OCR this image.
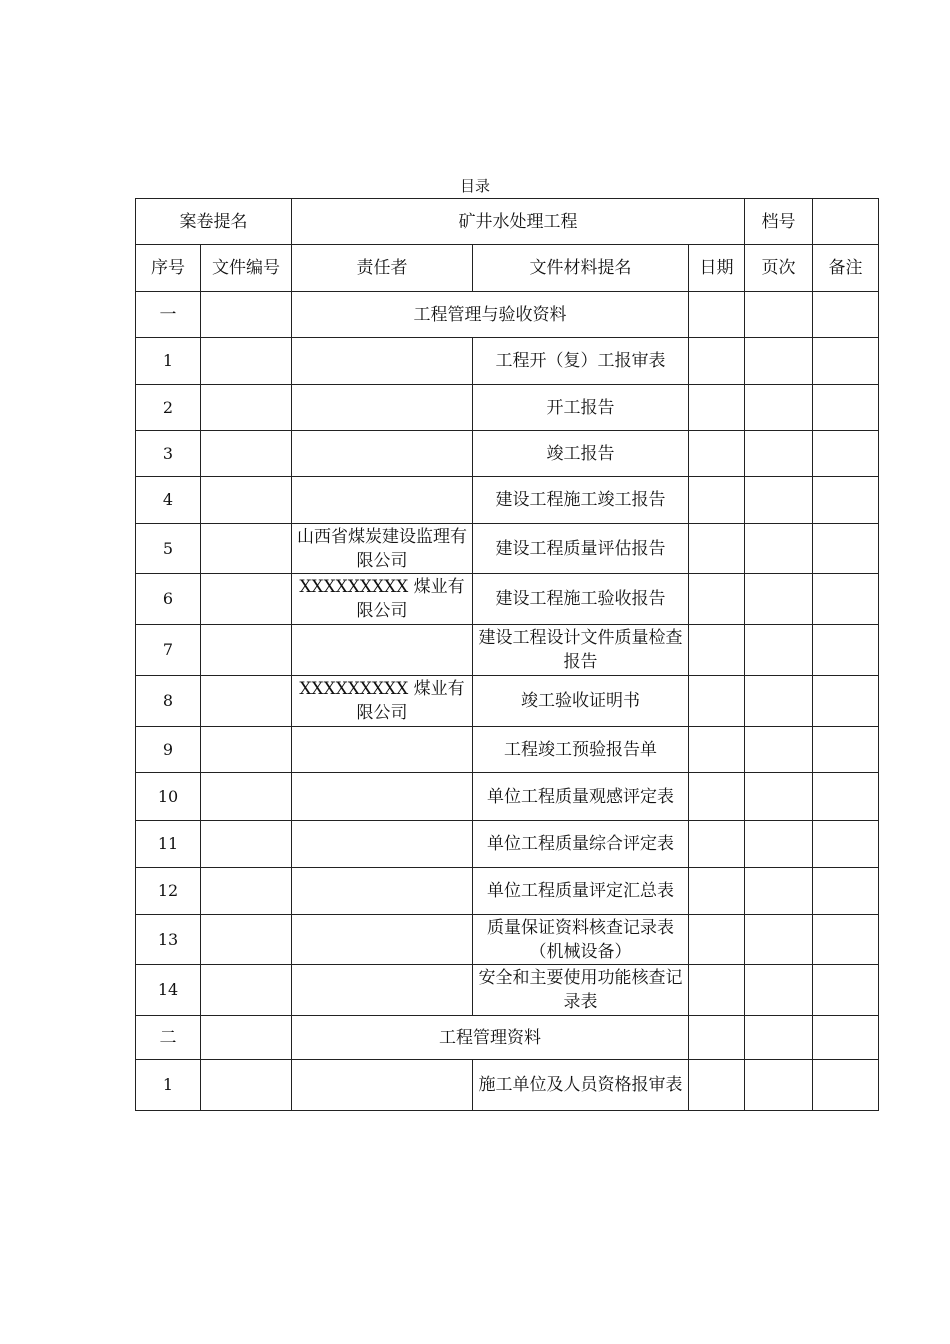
目录
案卷提名		矿井水处理工程			档号	
序号	文件编号	责任者	文件材料提名	日期	页次	备注
一		工程管理与验收资料				
1			工程开（复）工报审表			
2			开工报告			
3			竣工报告			
4			建设工程施工竣工报告			
5		山西省煤炭建设监理有限公司	建设工程质量评估报告			
6		XXXXXXXXX 煤业有限公司	建设工程施工验收报告			
7			建设工程设计文件质量检查报告			
8		XXXXXXXXX 煤业有限公司	竣工验收证明书			
9			工程竣工预验报告单			
10			单位工程质量观感评定表			
11			单位工程质量综合评定表			
12			单位工程质量评定汇总表			
13			质量保证资料核查记录表（机械设备）			
14			安全和主要使用功能核查记录表			
二		工程管理资料				
1			施工单位及人员资格报审表			
